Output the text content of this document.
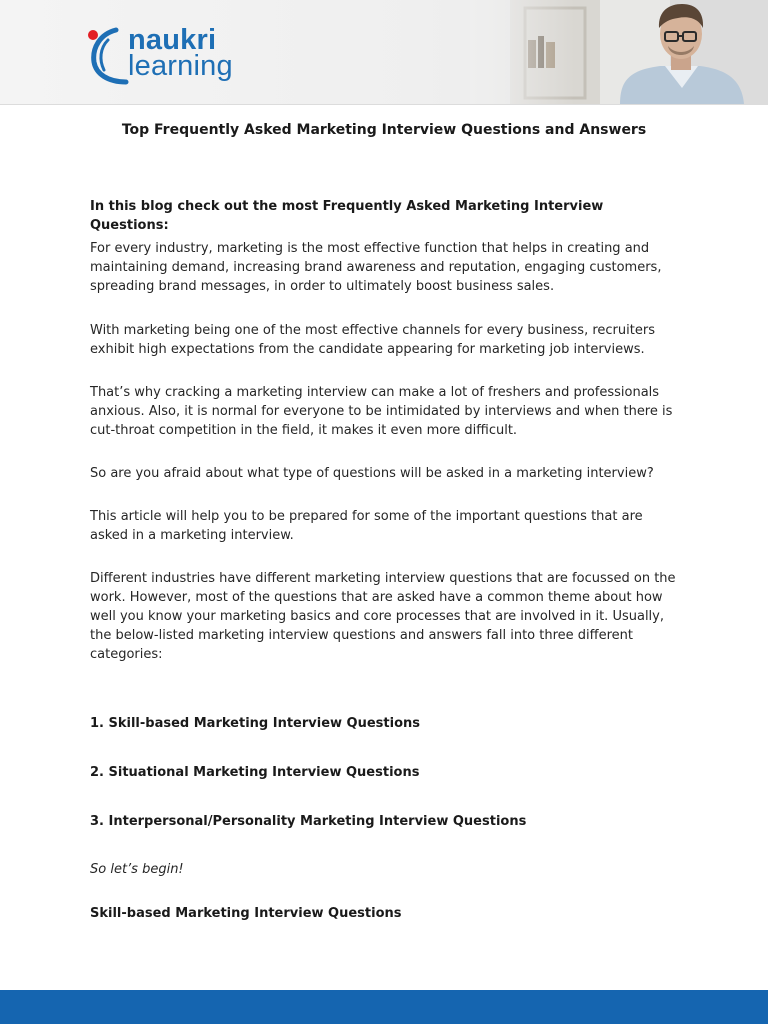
naukri
learning
Top Frequently Asked Marketing Interview Questions and Answers

In this blog check out the most Frequently Asked Marketing Interview Questions:

For every industry, marketing is the most effective function that helps in creating and maintaining demand, increasing brand awareness and reputation, engaging customers, spreading brand messages, in order to ultimately boost business sales.

With marketing being one of the most effective channels for every business, recruiters exhibit high expectations from the candidate appearing for marketing job interviews.

That’s why cracking a marketing interview can make a lot of freshers and professionals anxious. Also, it is normal for everyone to be intimidated by interviews and when there is cut-throat competition in the field, it makes it even more difficult.

So are you afraid about what type of questions will be asked in a marketing interview?

This article will help you to be prepared for some of the important questions that are asked in a marketing interview.

Different industries have different marketing interview questions that are focussed on the work. However, most of the questions that are asked have a common theme about how well you know your marketing basics and core processes that are involved in it. Usually, the below-listed marketing interview questions and answers fall into three different categories:

1. Skill-based Marketing Interview Questions

2. Situational Marketing Interview Questions

3. Interpersonal/Personality Marketing Interview Questions

So let’s begin!

Skill-based Marketing Interview Questions
